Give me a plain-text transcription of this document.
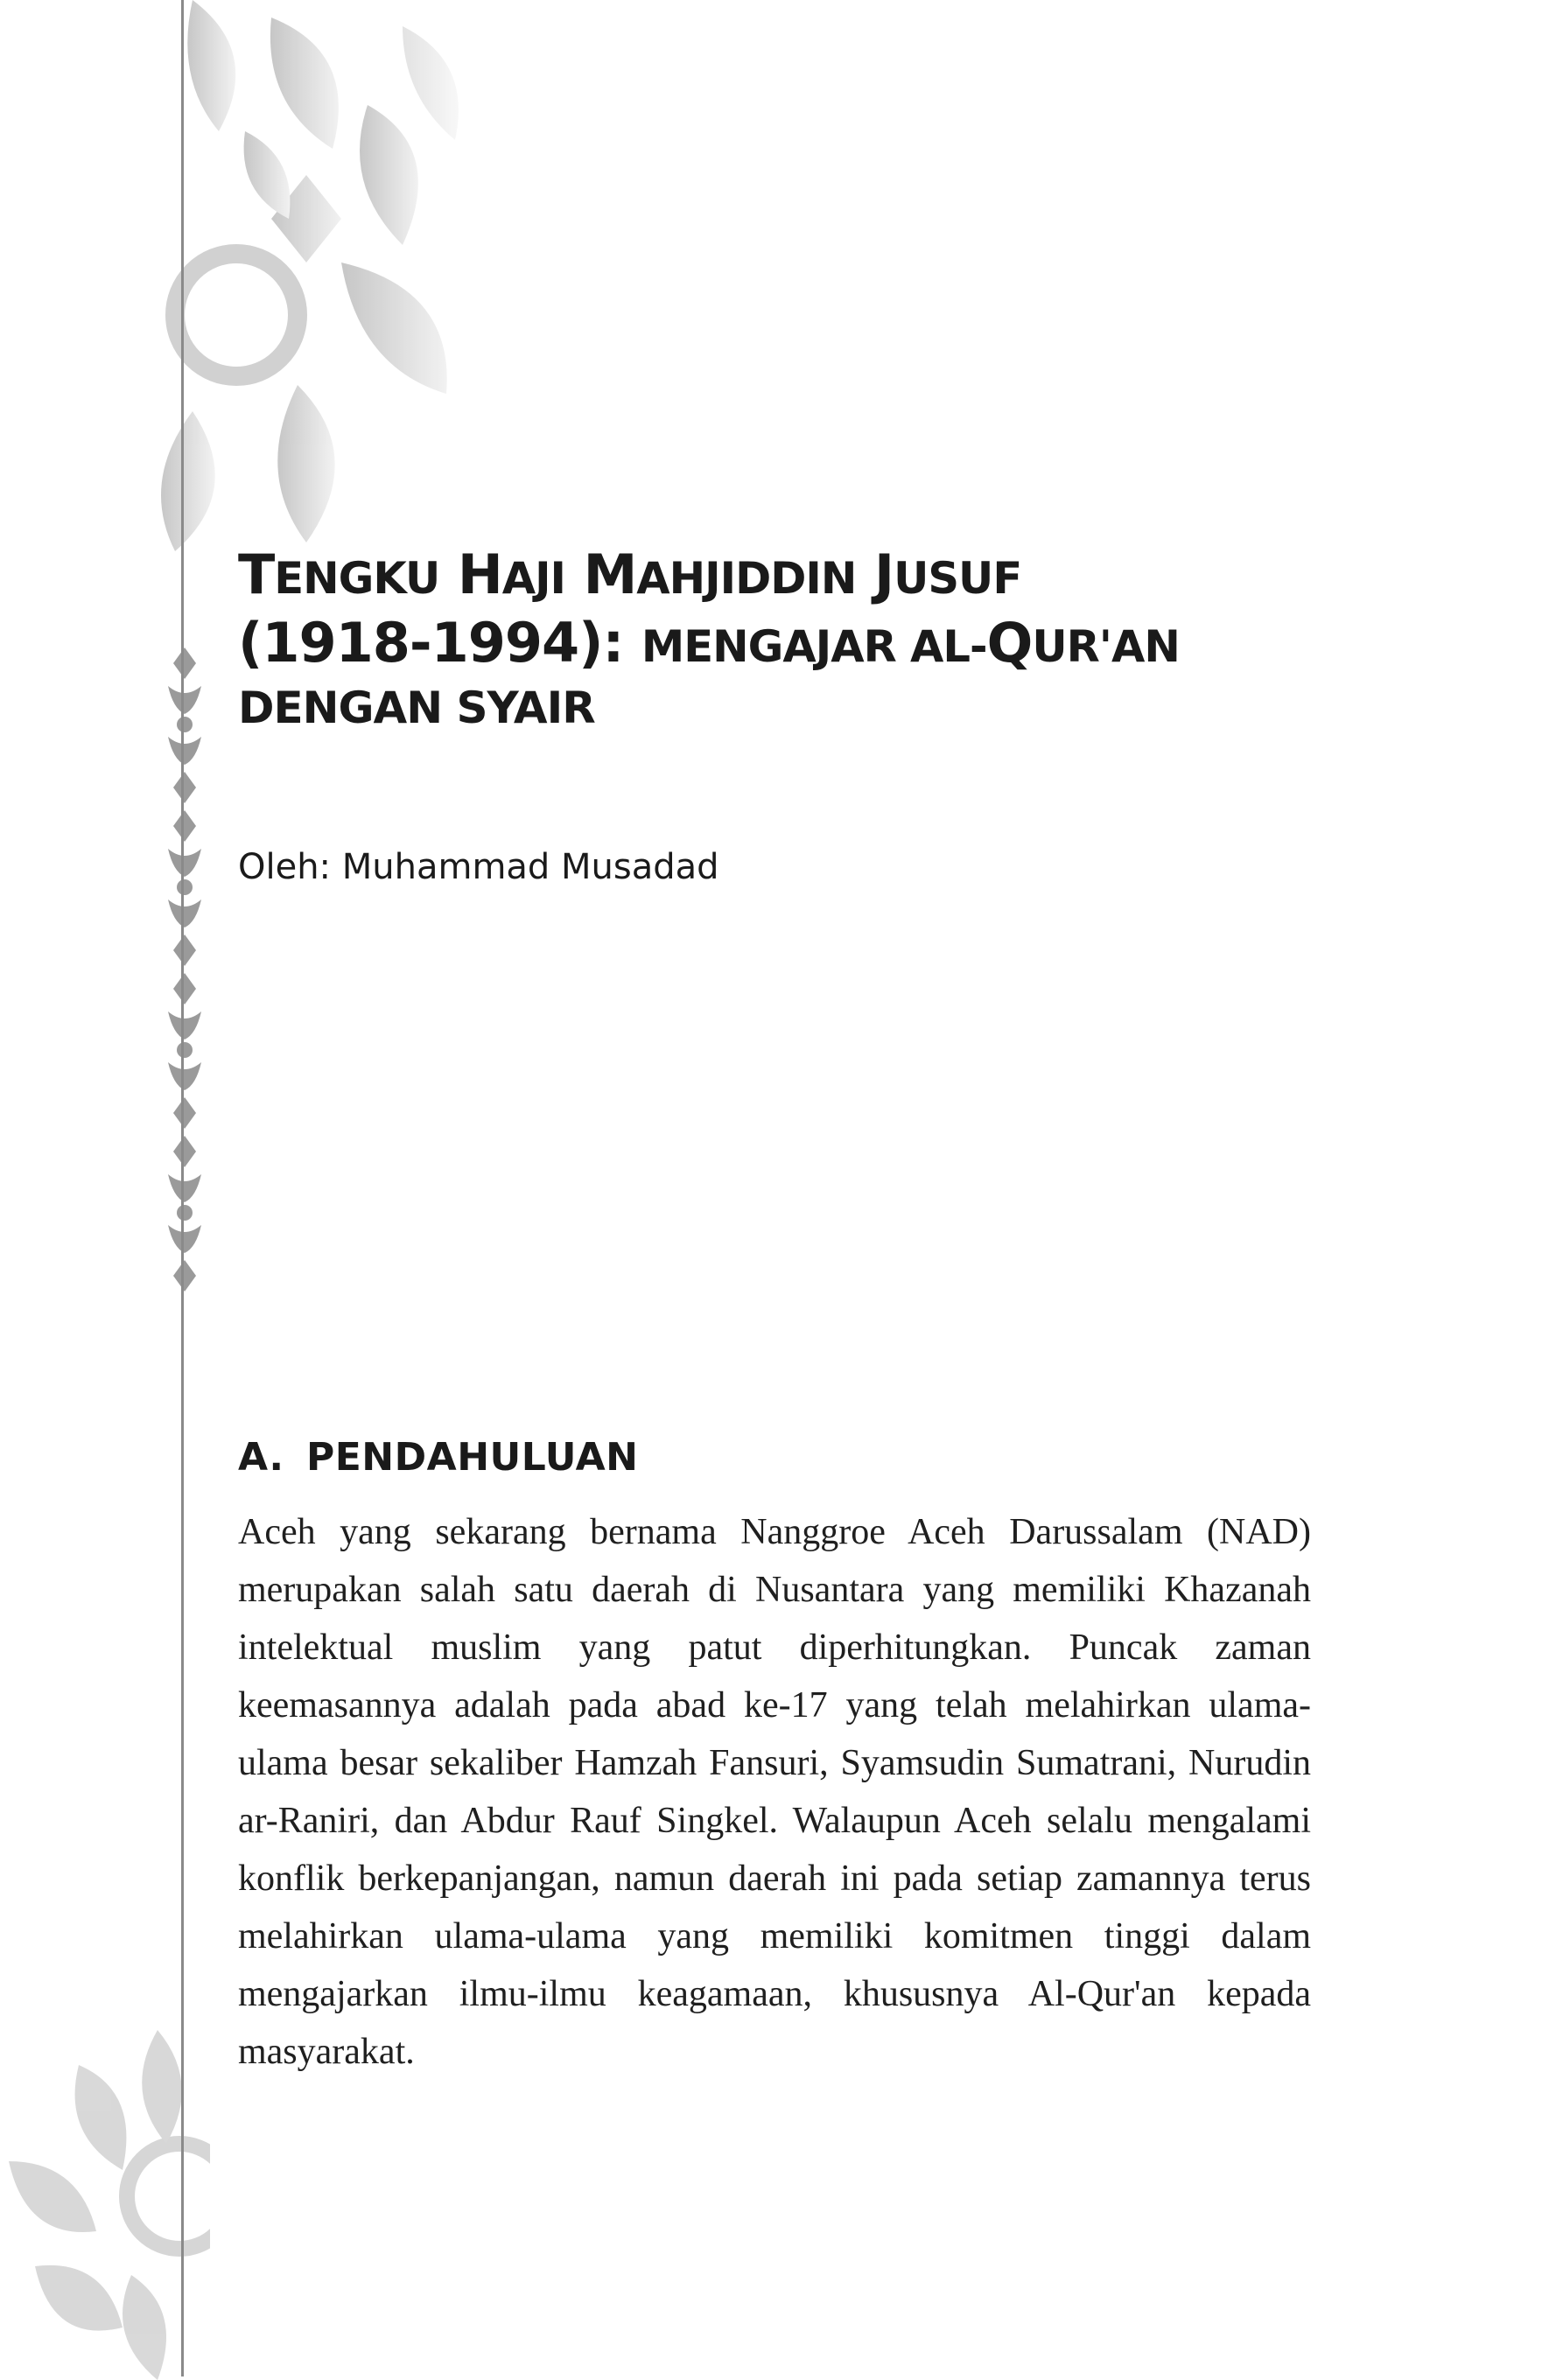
TENGKU HAJI MAHJIDDIN JUSUF
(1918-1994): MENGAJAR AL-QUR'AN
DENGAN SYAIR
Oleh: Muhammad Musadad
A. PENDAHULUAN

Aceh yang sekarang bernama Nanggroe Aceh Darussalam (NAD) merupakan salah satu daerah di Nusantara yang memiliki Khazanah intelektual muslim yang patut diperhitungkan. Puncak zaman keemasannya adalah pada abad ke-17 yang telah melahirkan ulama-ulama besar sekaliber Hamzah Fansuri, Syamsudin Sumatrani, Nurudin ar-Raniri, dan Abdur Rauf Singkel. Walaupun Aceh selalu mengalami konflik berkepanjangan, namun daerah ini pada setiap zamannya terus melahirkan ulama-ulama yang memiliki komitmen tinggi dalam mengajarkan ilmu-ilmu keagamaan, khususnya Al-Qur'an kepada masyarakat.
